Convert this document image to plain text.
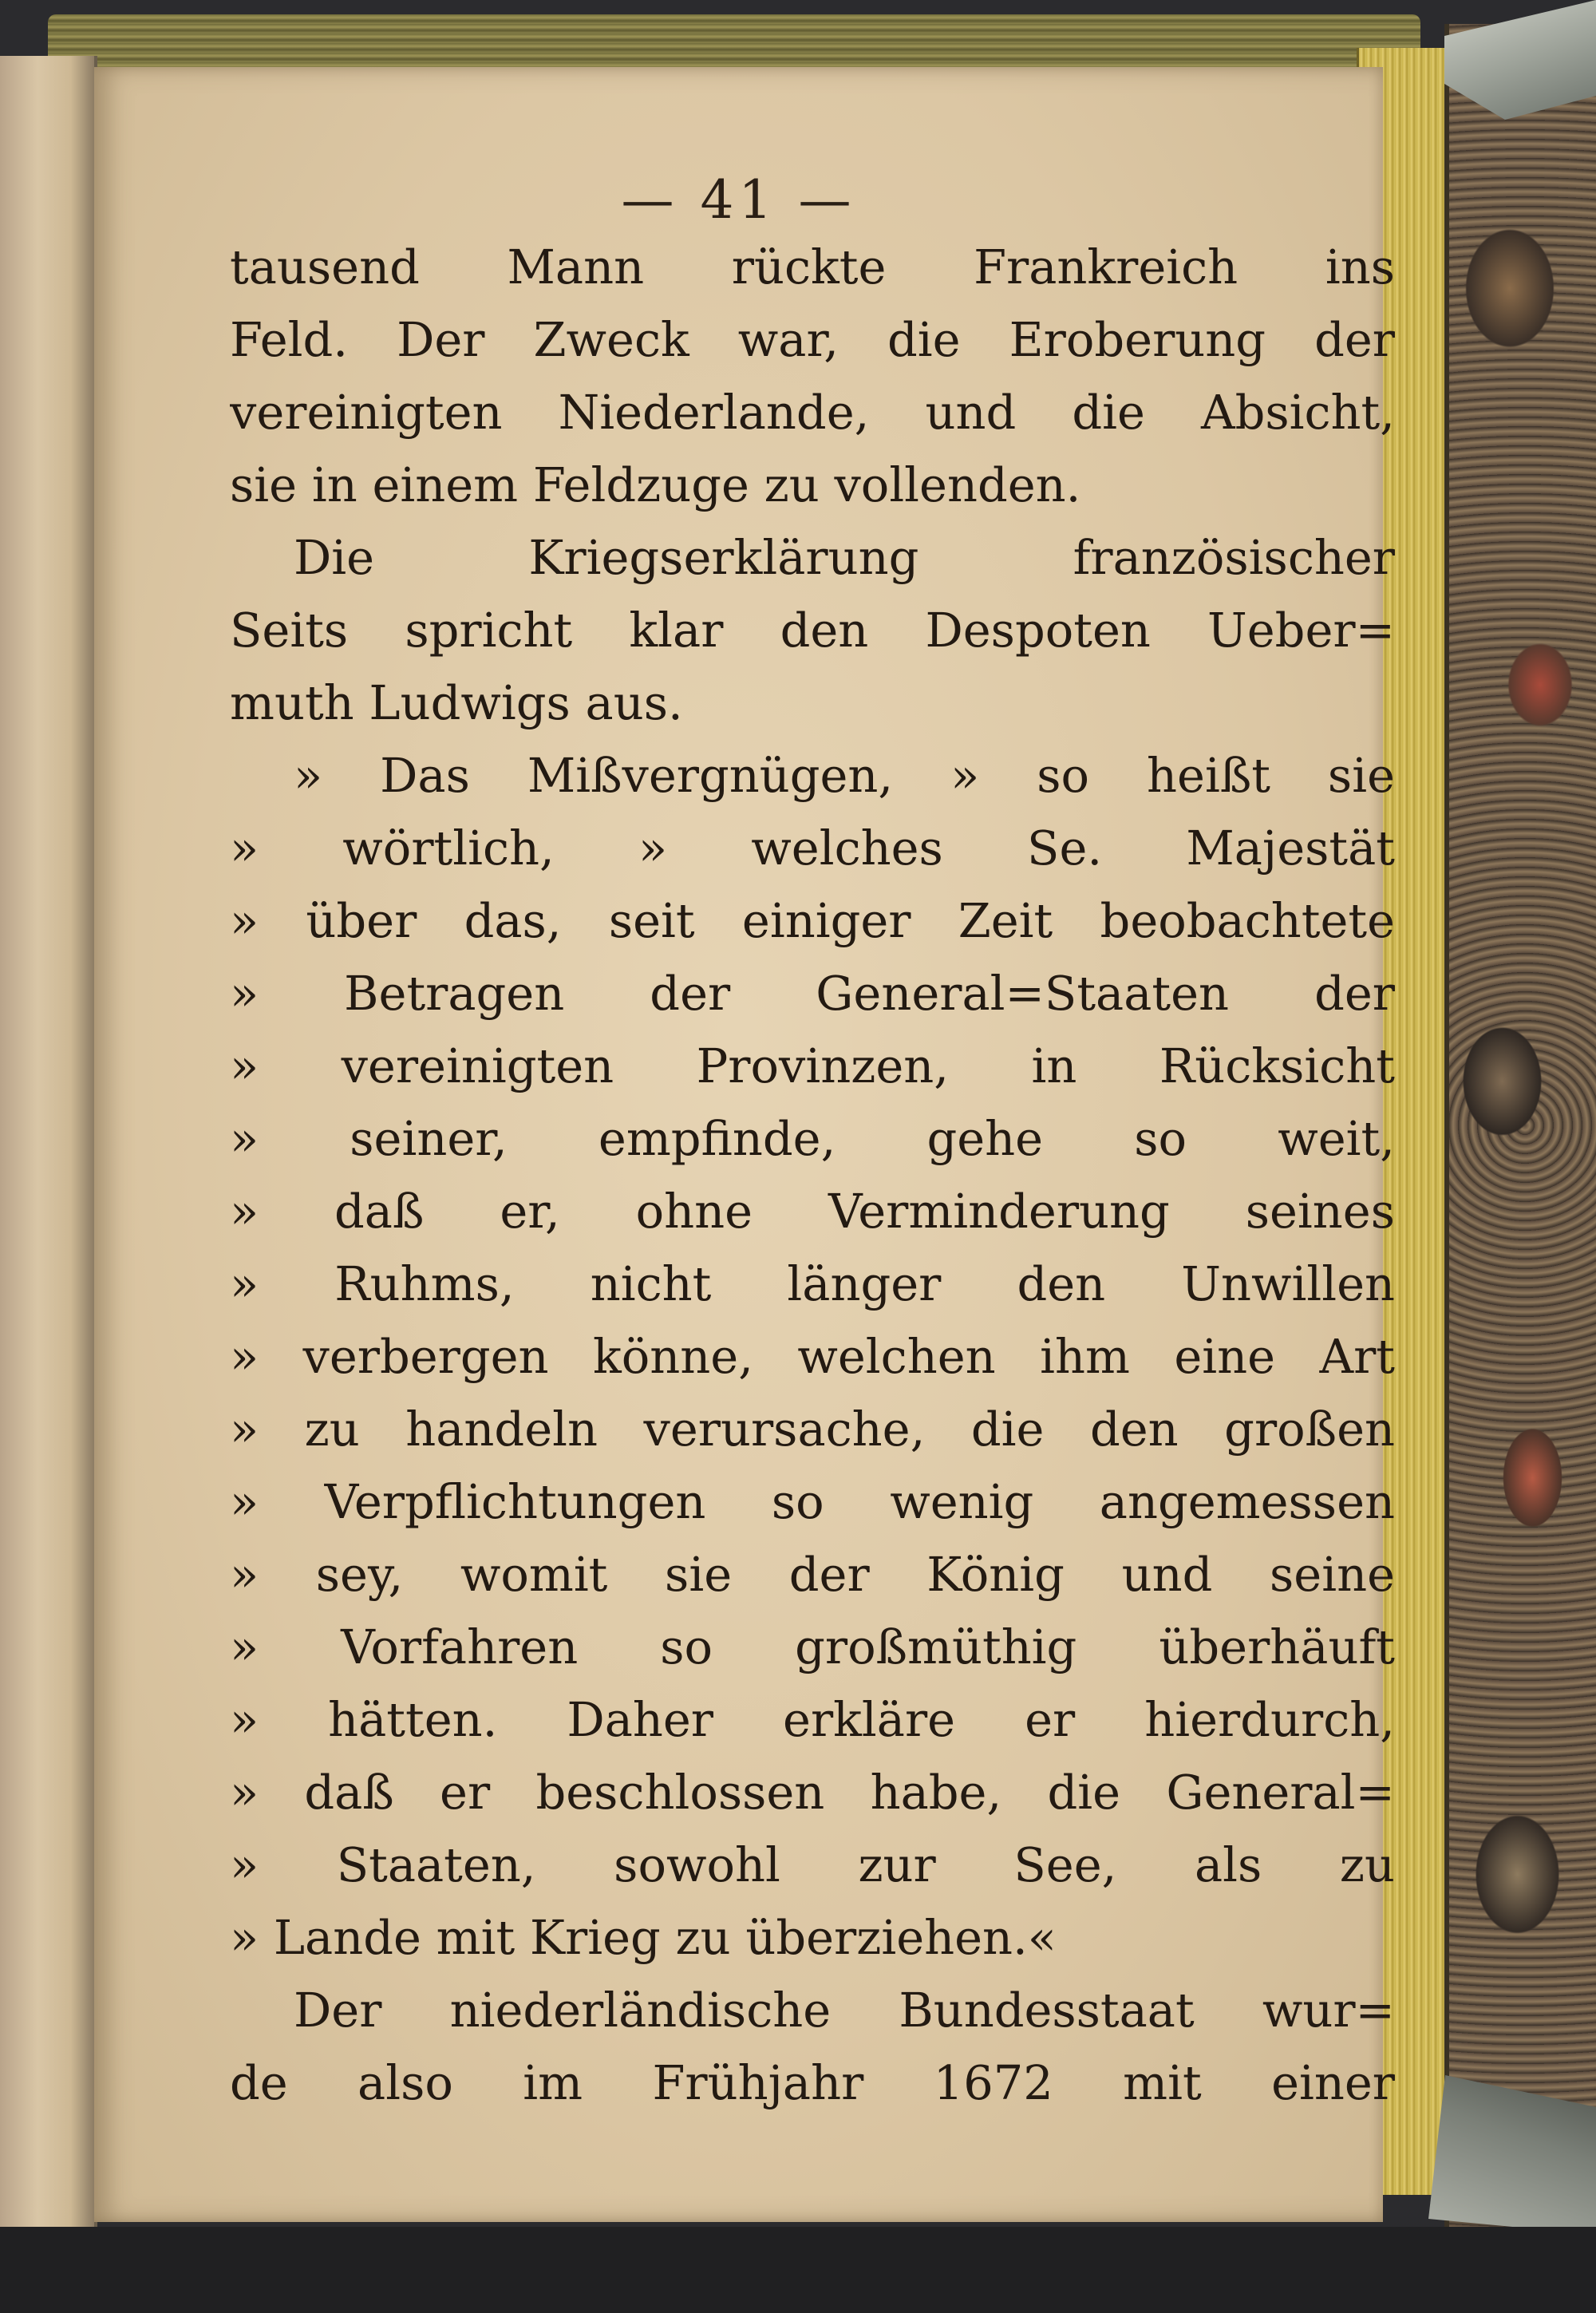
— 41 —
tausend Mann rückte Frankreich ins
Feld. Der Zweck war, die Eroberung der
vereinigten Niederlande, und die Absicht,
sie in einem Feldzuge zu vollenden.
Die Kriegserklärung französischer
Seits spricht klar den Despoten Ueber=
muth Ludwigs aus.
» Das Mißvergnügen, » so heißt sie
» wörtlich, » welches Se. Majestät
» über das, seit einiger Zeit beobachtete
» Betragen der General=Staaten der
» vereinigten Provinzen, in Rücksicht
» seiner, empfinde, gehe so weit,
» daß er, ohne Verminderung seines
» Ruhms, nicht länger den Unwillen
» verbergen könne, welchen ihm eine Art
» zu handeln verursache, die den großen
» Verpflichtungen so wenig angemessen
» sey, womit sie der König und seine
» Vorfahren so großmüthig überhäuft
» hätten. Daher erkläre er hierdurch,
» daß er beschlossen habe, die General=
» Staaten, sowohl zur See, als zu
» Lande mit Krieg zu überziehen.«
Der niederländische Bundesstaat wur=
de also im Frühjahr 1672 mit einer
